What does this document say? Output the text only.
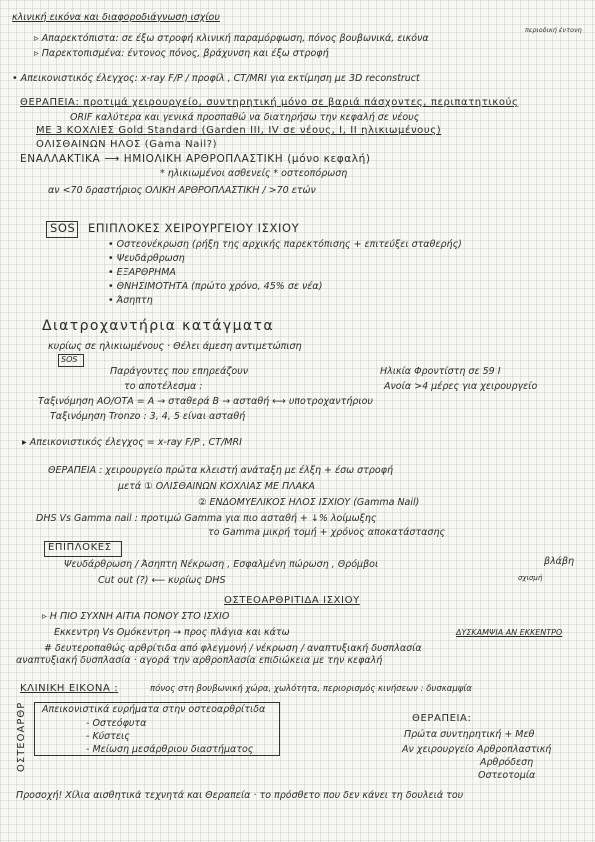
κλινική εικόνα και διαφοροδιάγνωση ισχίου
▹ Απαρεκτόπιστα: σε έξω στροφή κλινική παραμόρφωση, πόνος βουβωνικά, εικόνα
περιοδική έντονη
▹ Παρεκτοπισμένα: έντονος πόνος, βράχυνση και έξω στροφή
• Απεικονιστικός έλεγχος: x-ray F/P / προφίλ , CT/MRI για εκτίμηση με 3D reconstruct
ΘΕΡΑΠΕΙΑ: προτιμά χειρουργείο, συντηρητική μόνο σε βαριά πάσχοντες, περιπατητικούς
ORIF καλύτερα και γενικά προσπαθώ να διατηρήσω την κεφαλή σε νέους
ΜΕ 3 ΚΟΧΛΙΕΣ Gold Standard (Garden III, IV σε νέους, I, II ηλικιωμένους)
ΟΛΙΣΘΑΙΝΩΝ ΗΛΟΣ (Gama Nail?)
ΕΝΑΛΛΑΚΤΙΚΑ ⟶ ΗΜΙΟΛΙΚΗ ΑΡΘΡΟΠΛΑΣΤΙΚΗ (μόνο κεφαλή)
* ηλικιωμένοι ασθενείς * οστεοπόρωση
αν <70 δραστήριος ΟΛΙΚΗ ΑΡΘΡΟΠΛΑΣΤΙΚΗ / >70 ετών
SOS ΕΠΙΠΛΟΚΕΣ ΧΕΙΡΟΥΡΓΕΙΟΥ ΙΣΧΙΟΥ
• Οστεονέκρωση (ρήξη της αρχικής παρεκτόπισης + επιτεύξει σταθερής)
• Ψευδάρθρωση
• ΕΞΑΡΘΡΗΜΑ
• ΘΝΗΣΙΜΟΤΗΤΑ (πρώτο χρόνο, 45% σε νέα)
• Άσηπτη
Διατροχαντήρια κατάγματα
κυρίως σε ηλικιωμένους · Θέλει άμεση αντιμετώπιση
SOS
Παράγοντες που επηρεάζουν	Ηλικία Φροντίστη σε 59 Ι
το αποτέλεσμα :	Ανοία >4 μέρες για χειρουργείο
Ταξινόμηση ΑΟ/ΟΤΑ = Α → σταθερά Β → ασταθή ⟷ υποτροχαντήριου
Ταξινόμηση Tronzo : 3, 4, 5 είναι ασταθή
▸ Απεικονιστικός έλεγχος = x-ray F/P , CT/MRI
ΘΕΡΑΠΕΙΑ : χειρουργείο πρώτα κλειστή ανάταξη με έλξη + έσω στροφή
μετά ① ΟΛΙΣΘΑΙΝΩΝ ΚΟΧΛΙΑΣ ΜΕ ΠΛΑΚΑ
② ΕΝΔΟΜΥΕΛΙΚΟΣ ΗΛΟΣ ΙΣΧΙΟΥ (Gamma Nail)
DHS Vs Gamma nail : προτιμώ Gamma για πιο ασταθή + ↓% λοίμωξης
το Gamma μικρή τομή + χρόνος αποκατάστασης
ΕΠΙΠΛΟΚΕΣ
Ψευδάρθρωση / Άσηπτη Νέκρωση , Εσφαλμένη πώρωση , Θρόμβοι	βλάβη
Cut out (?) ⟵ κυρίως DHS	σχισμή
ΟΣΤΕΟΑΡΘΡΙΤΙΔΑ ΙΣΧΙΟΥ
▹ Η ΠΙΟ ΣΥΧΝΗ ΑΙΤΙΑ ΠΟΝΟΥ ΣΤΟ ΙΣΧΙΟ
Εκκεντρη Vs Ομόκεντρη → προς πλάγια και κάτω	ΔΥΣΚΑΜΨΙΑ ΑΝ ΕΚΚΕΝΤΡΟ
# δευτεροπαθώς αρθρίτιδα από φλεγμονή / νέκρωση / αναπτυξιακή δυσπλασία
αναπτυξιακή δυσπλασία · αγορά την αρθροπλασία επιδιώκεια με την κεφαλή
ΚΛΙΝΙΚΗ ΕΙΚΟΝΑ :	πόνος στη βουβωνική χώρα, χωλότητα, περιορισμός κινήσεων : δυσκαμψία
ΟΣΤΕΟΑΡΘΡ Απεικονιστικά ευρήματα στην οστεοαρθρίτιδα
- Οστεόφυτα
- Κύστεις
- Μείωση μεσάρθριου διαστήματος
ΘΕΡΑΠΕΙΑ:
Πρώτα συντηρητική + Μεθ
Αν χειρουργείο Αρθροπλαστική
Αρθρόδεση
Οστεοτομία
Προσοχή! Χίλια αισθητικά τεχνητά και Θεραπεία · το πρόσθετο που δεν κάνει τη δουλειά του
